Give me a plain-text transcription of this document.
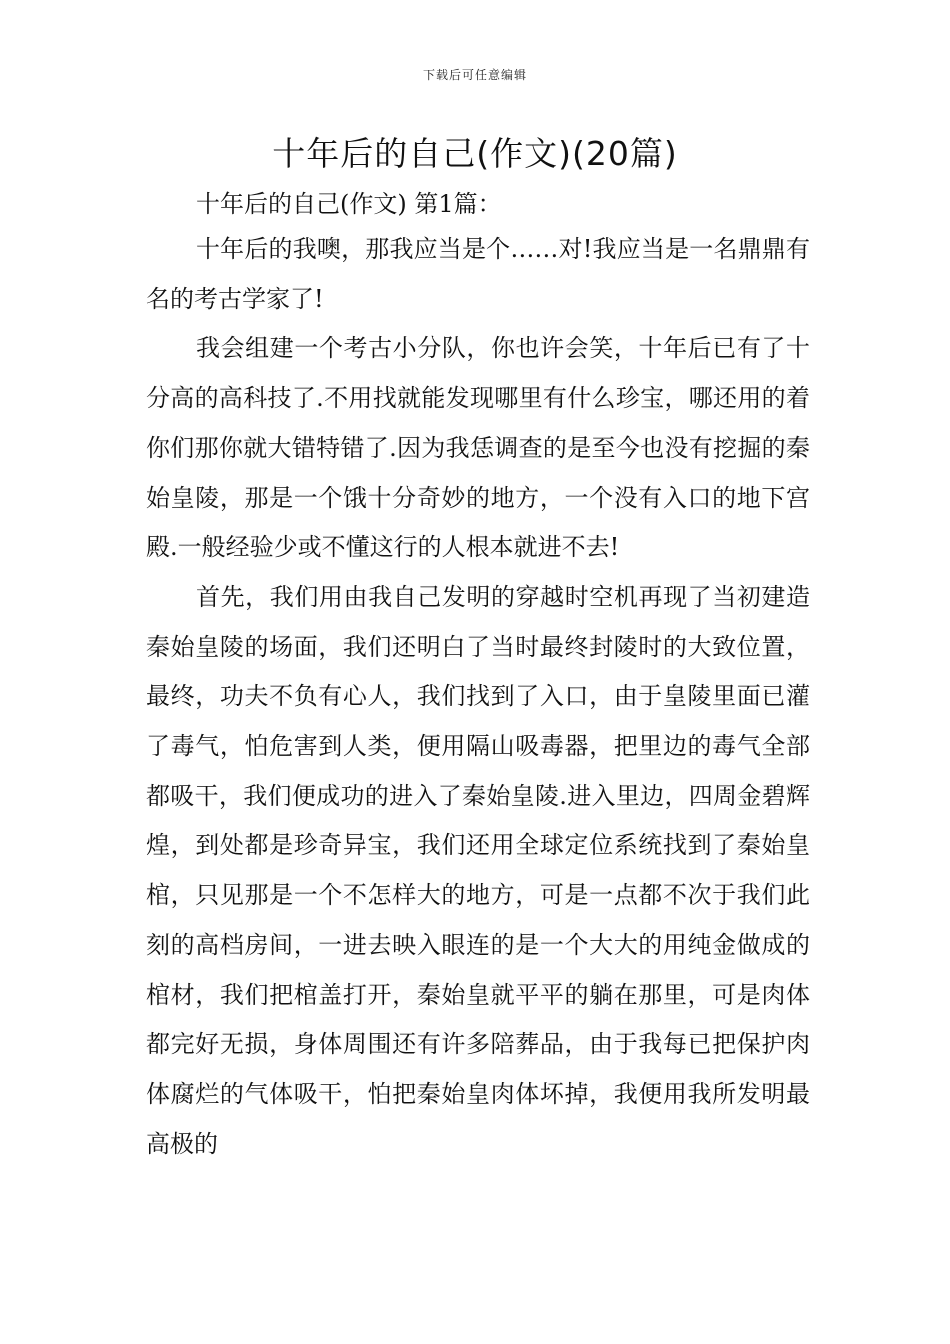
下载后可任意编辑
十年后的自己(作文)(20篇)

十年后的自己(作文) 第1篇：

十年后的我噢，那我应当是个……对!我应当是一名鼎鼎有名的考古学家了!

我会组建一个考古小分队，你也许会笑，十年后已有了十分高的高科技了.不用找就能发现哪里有什么珍宝，哪还用的着你们那你就大错特错了.因为我恁调查的是至今也没有挖掘的秦始皇陵，那是一个饿十分奇妙的地方，一个没有入口的地下宫殿.一般经验少或不懂这行的人根本就进不去!

首先，我们用由我自己发明的穿越时空机再现了当初建造秦始皇陵的场面，我们还明白了当时最终封陵时的大致位置，最终，功夫不负有心人，我们找到了入口，由于皇陵里面已灌了毒气，怕危害到人类，便用隔山吸毒器，把里边的毒气全部都吸干，我们便成功的进入了秦始皇陵.进入里边，四周金碧辉煌，到处都是珍奇异宝，我们还用全球定位系统找到了秦始皇棺，只见那是一个不怎样大的地方，可是一点都不次于我们此刻的高档房间，一进去映入眼连的是一个大大的用纯金做成的棺材，我们把棺盖打开，秦始皇就平平的躺在那里，可是肉体都完好无损，身体周围还有许多陪葬品，由于我每已把保护肉体腐烂的气体吸干，怕把秦始皇肉体坏掉，我便用我所发明最高极的
